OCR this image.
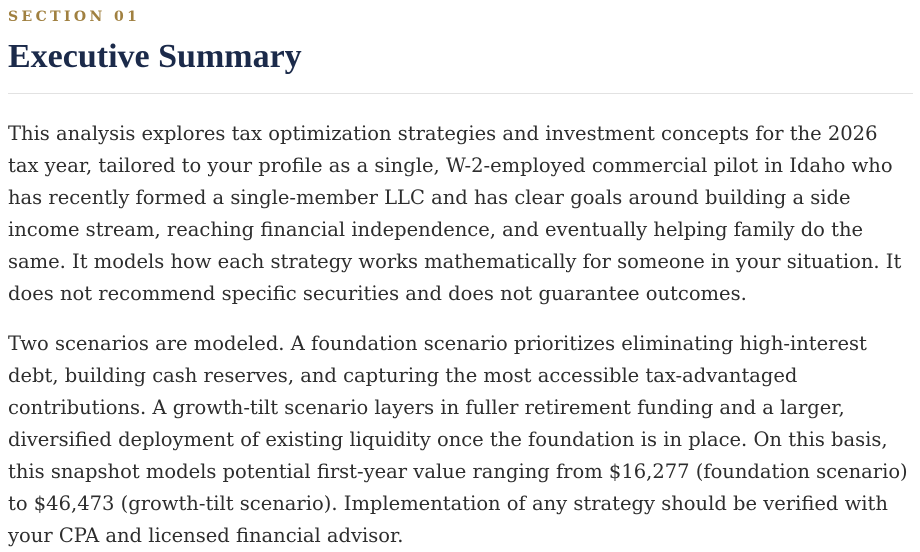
SECTION 01
Executive Summary

This analysis explores tax optimization strategies and investment concepts for the 2026 tax year, tailored to your profile as a single, W-2-employed commercial pilot in Idaho who has recently formed a single-member LLC and has clear goals around building a side income stream, reaching financial independence, and eventually helping family do the same. It models how each strategy works mathematically for someone in your situation. It does not recommend specific securities and does not guarantee outcomes.

Two scenarios are modeled. A foundation scenario prioritizes eliminating high-interest debt, building cash reserves, and capturing the most accessible tax-advantaged contributions. A growth-tilt scenario layers in fuller retirement funding and a larger, diversified deployment of existing liquidity once the foundation is in place. On this basis, this snapshot models potential first-year value ranging from $16,277 (foundation scenario) to $46,473 (growth-tilt scenario). Implementation of any strategy should be verified with your CPA and licensed financial advisor.
